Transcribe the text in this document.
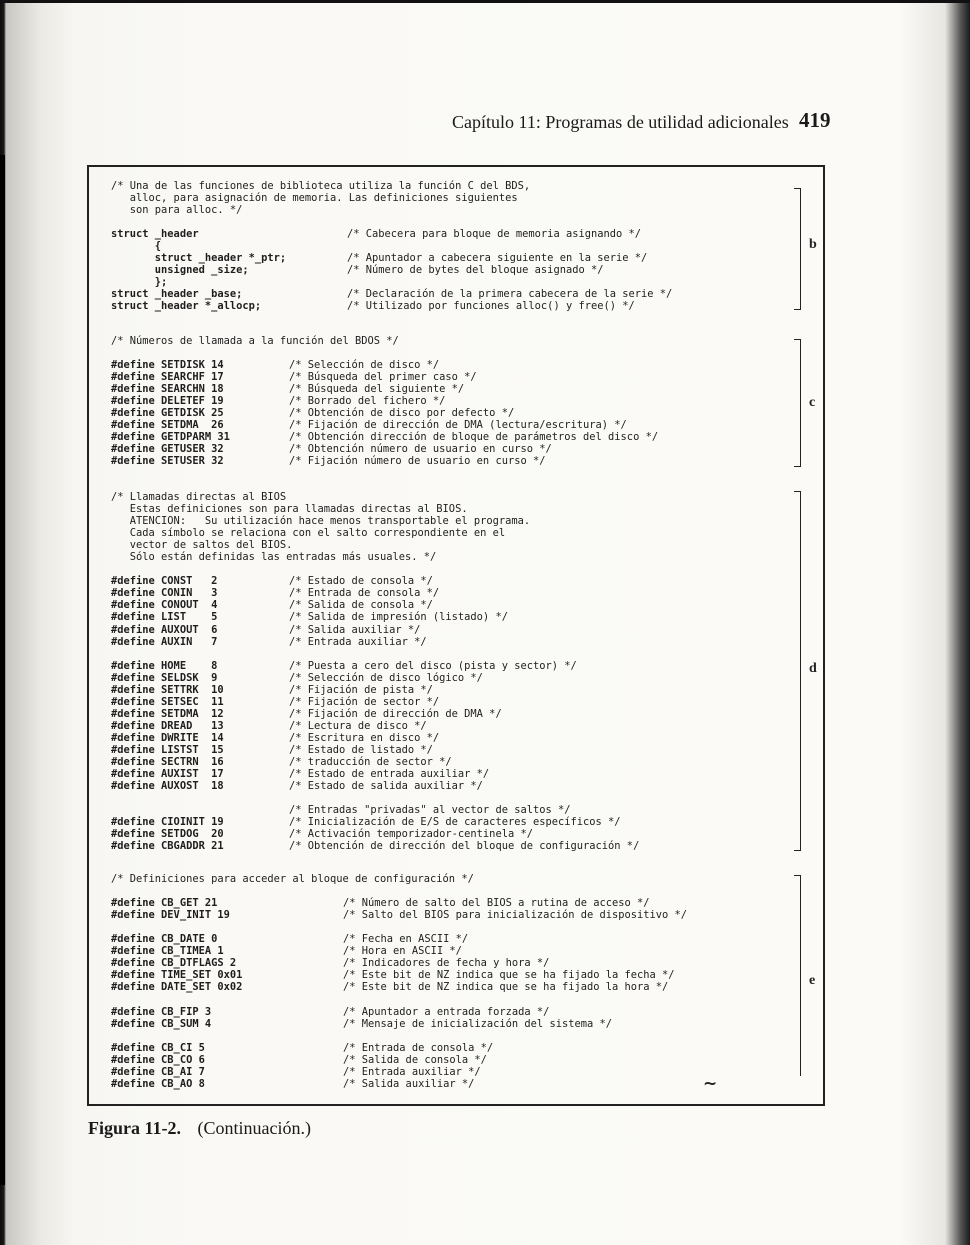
Capítulo 11: Programas de utilidad adicionales 419
/* Una de las funciones de biblioteca utiliza la función C del BDS,
alloc, para asignación de memoria. Las definiciones siguientes
son para alloc. */
struct _header	/* Cabecera para bloque de memoria asignando */
{
struct _header *_ptr;	/* Apuntador a cabecera siguiente en la serie */
unsigned _size;	/* Número de bytes del bloque asignado */
};
struct _header _base;	/* Declaración de la primera cabecera de la serie */
struct _header *_allocp;	/* Utilizado por funciones alloc() y free() */
/* Números de llamada a la función del BDOS */
#define SETDISK 14	/* Selección de disco */
#define SEARCHF 17	/* Búsqueda del primer caso */
#define SEARCHN 18	/* Búsqueda del siguiente */
#define DELETEF 19	/* Borrado del fichero */
#define GETDISK 25	/* Obtención de disco por defecto */
#define SETDMA  26	/* Fijación de dirección de DMA (lectura/escritura) */
#define GETDPARM 31	/* Obtención dirección de bloque de parámetros del disco */
#define GETUSER 32	/* Obtención número de usuario en curso */
#define SETUSER 32	/* Fijación número de usuario en curso */
/* Llamadas directas al BIOS
Estas definiciones son para llamadas directas al BIOS.
ATENCION:   Su utilización hace menos transportable el programa.
Cada símbolo se relaciona con el salto correspondiente en el
vector de saltos del BIOS.
Sólo están definidas las entradas más usuales. */
#define CONST   2	/* Estado de consola */
#define CONIN   3	/* Entrada de consola */
#define CONOUT  4	/* Salida de consola */
#define LIST    5	/* Salida de impresión (listado) */
#define AUXOUT  6	/* Salida auxiliar */
#define AUXIN   7	/* Entrada auxiliar */
#define HOME    8	/* Puesta a cero del disco (pista y sector) */
#define SELDSK  9	/* Selección de disco lógico */
#define SETTRK  10	/* Fijación de pista */
#define SETSEC  11	/* Fijación de sector */
#define SETDMA  12	/* Fijación de dirección de DMA */
#define DREAD   13	/* Lectura de disco */
#define DWRITE  14	/* Escritura en disco */
#define LISTST  15	/* Estado de listado */
#define SECTRN  16	/* traducción de sector */
#define AUXIST  17	/* Estado de entrada auxiliar */
#define AUXOST  18	/* Estado de salida auxiliar */
/* Entradas "privadas" al vector de saltos */
#define CIOINIT 19	/* Inicialización de E/S de caracteres específicos */
#define SETDOG  20	/* Activación temporizador-centinela */
#define CBGADDR 21	/* Obtención de dirección del bloque de configuración */
/* Definiciones para acceder al bloque de configuración */
#define CB_GET 21	/* Número de salto del BIOS a rutina de acceso */
#define DEV_INIT 19	/* Salto del BIOS para inicialización de dispositivo */
#define CB_DATE 0	/* Fecha en ASCII */
#define CB_TIMEA 1	/* Hora en ASCII */
#define CB_DTFLAGS 2	/* Indicadores de fecha y hora */
#define TIME_SET 0x01	/* Este bit de NZ indica que se ha fijado la fecha */
#define DATE_SET 0x02	/* Este bit de NZ indica que se ha fijado la hora */
#define CB_FIP 3	/* Apuntador a entrada forzada */
#define CB_SUM 4	/* Mensaje de inicialización del sistema */
#define CB_CI 5	/* Entrada de consola */
#define CB_CO 6	/* Salida de consola */
#define CB_AI 7	/* Entrada auxiliar */
#define CB_AO 8	/* Salida auxiliar */
b
c
d
e
~
Figura 11-2. (Continuación.)
